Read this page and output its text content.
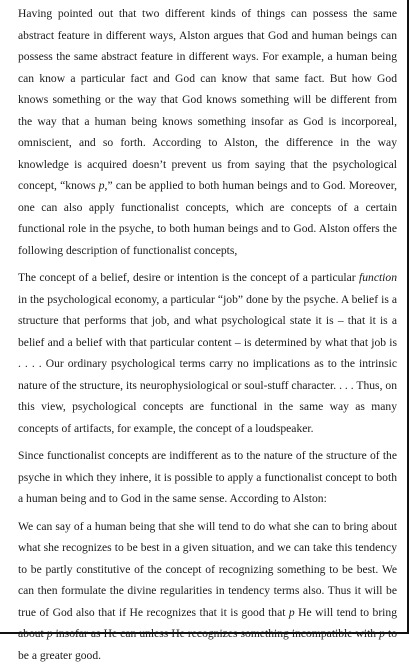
Having pointed out that two different kinds of things can possess the same abstract feature in different ways, Alston argues that God and human beings can possess the same abstract feature in different ways. For example, a human being can know a particular fact and God can know that same fact. But how God knows something or the way that God knows something will be different from the way that a human being knows something insofar as God is incorporeal, omniscient, and so forth. According to Alston, the difference in the way knowledge is acquired doesn’t prevent us from saying that the psychological concept, “knows p,” can be applied to both human beings and to God. Moreover, one can also apply functionalist concepts, which are concepts of a certain functional role in the psyche, to both human beings and to God. Alston offers the following description of functionalist concepts,

The concept of a belief, desire or intention is the concept of a particular function in the psychological economy, a particular “job” done by the psyche. A belief is a structure that performs that job, and what psychological state it is – that it is a belief and a belief with that particular content – is determined by what that job is . . . . Our ordinary psychological terms carry no implications as to the intrinsic nature of the structure, its neurophysiological or soul-stuff character. . . . Thus, on this view, psychological concepts are functional in the same way as many concepts of artifacts, for example, the concept of a loudspeaker.

Since functionalist concepts are indifferent as to the nature of the structure of the psyche in which they inhere, it is possible to apply a functionalist concept to both a human being and to God in the same sense. According to Alston:

We can say of a human being that she will tend to do what she can to bring about what she recognizes to be best in a given situation, and we can take this tendency to be partly constitutive of the concept of recognizing something to be best. We can then formulate the divine regularities in tendency terms also. Thus it will be true of God also that if He recognizes that it is good that p He will tend to bring about p insofar as He can unless He recognizes something incompatible with p to be a greater good.
